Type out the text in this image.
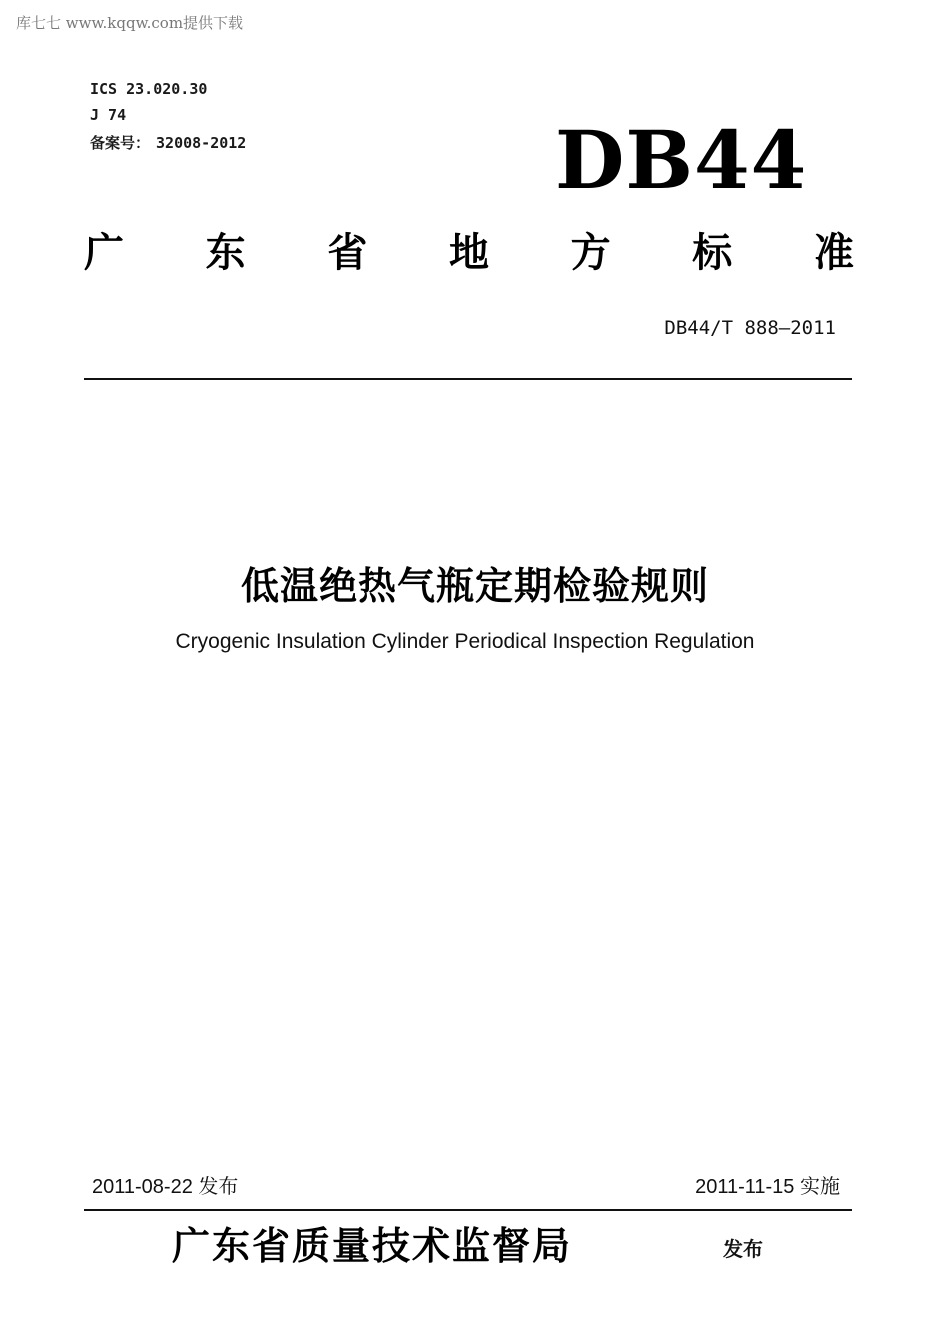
库七七 www.kqqw.com提供下载
ICS 23.020.30
J 74
备案号： 32008-2012	DB44
广 东 省 地 方 标 准
DB44/T 888—2011
低温绝热气瓶定期检验规则
Cryogenic Insulation Cylinder Periodical Inspection Regulation
2011-08-22 发布	2011-11-15 实施
广东省质量技术监督局	发布
